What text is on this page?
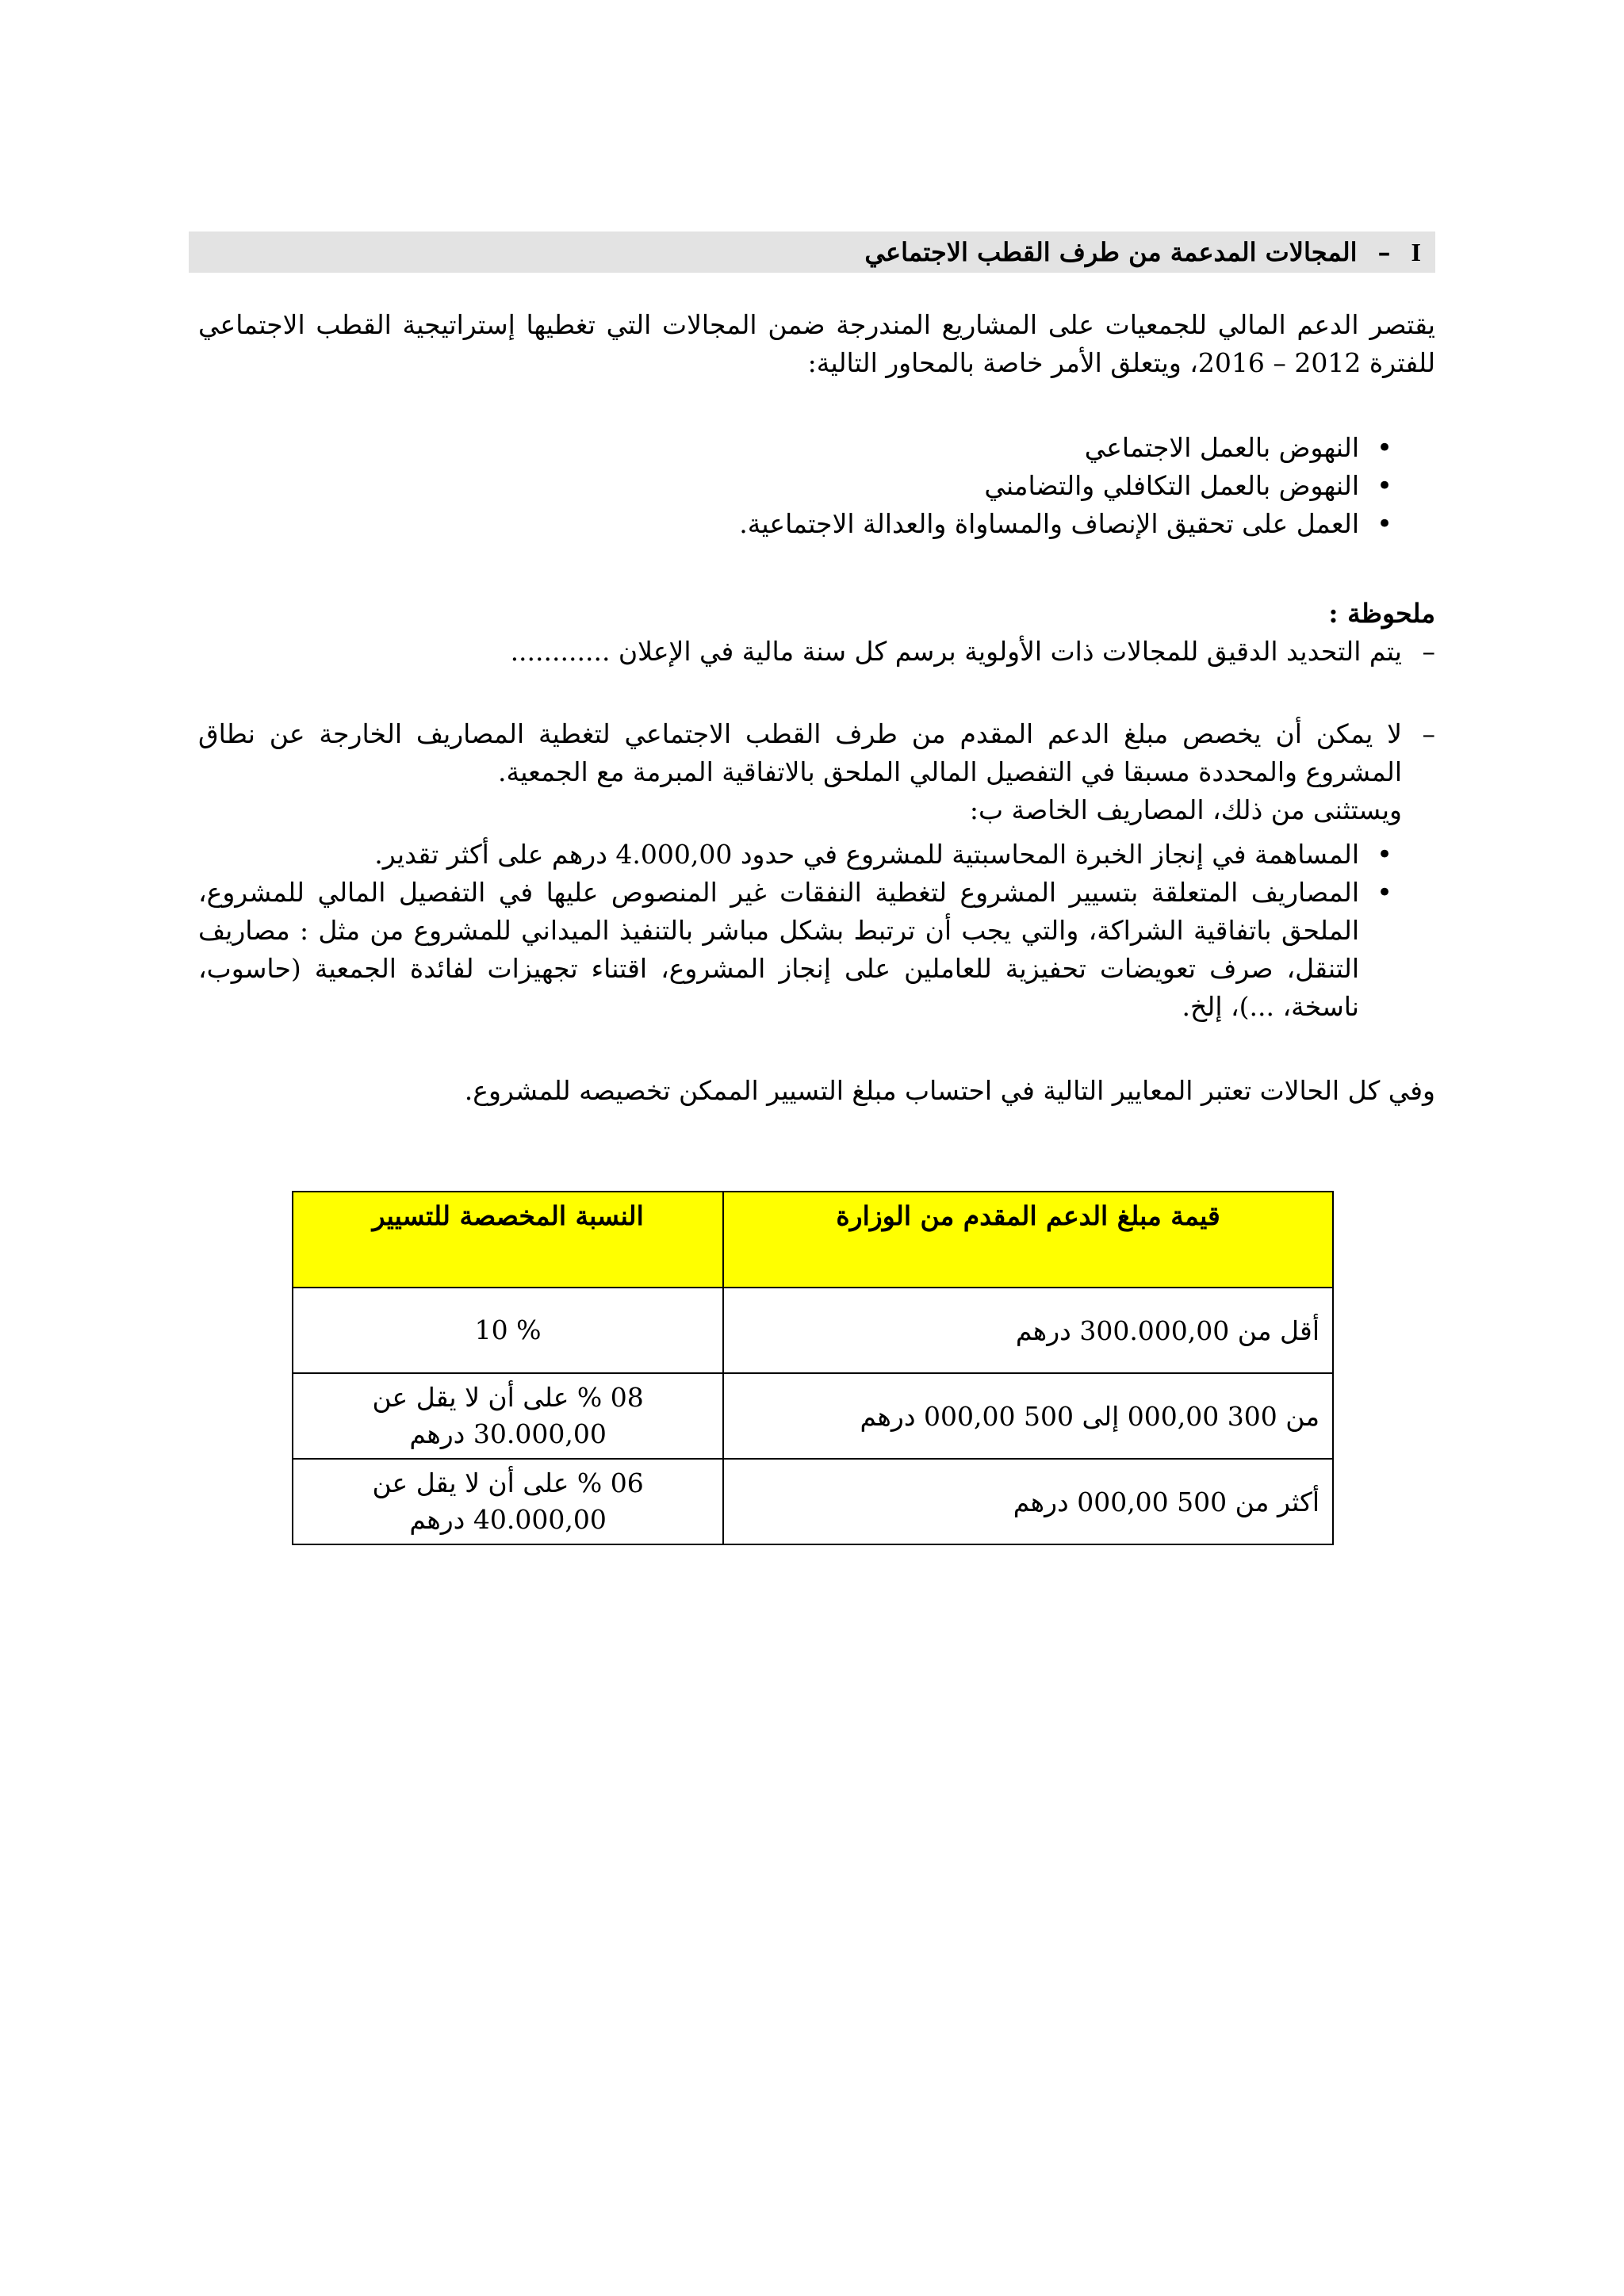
I–المجالات المدعمة من طرف القطب الاجتماعي
يقتصر الدعم المالي للجمعيات على المشاريع المندرجة ضمن المجالات التي تغطيها إستراتيجية القطب الاجتماعي للفترة 2012 – 2016، ويتعلق الأمر خاصة بالمحاور التالية:
• النهوض بالعمل الاجتماعي
• النهوض بالعمل التكافلي والتضامني
• العمل على تحقيق الإنصاف والمساواة والعدالة الاجتماعية.
ملحوظة :
–
يتم التحديد الدقيق للمجالات ذات الأولوية برسم كل سنة مالية في الإعلان ............
–
لا يمكن أن يخصص مبلغ الدعم المقدم من طرف القطب الاجتماعي لتغطية المصاريف الخارجة عن نطاق المشروع والمحددة مسبقا في التفصيل المالي الملحق بالاتفاقية المبرمة مع الجمعية.
ويستثنى من ذلك، المصاريف الخاصة ب:
• المساهمة في إنجاز الخبرة المحاسبتية للمشروع في حدود 4.000,00 درهم على أكثر تقدير.
• المصاريف المتعلقة بتسيير المشروع لتغطية النفقات غير المنصوص عليها في التفصيل المالي للمشروع، الملحق باتفاقية الشراكة، والتي يجب أن ترتبط بشكل مباشر بالتنفيذ الميداني للمشروع من مثل : مصاريف التنقل، صرف تعويضات تحفيزية للعاملين على إنجاز المشروع، اقتناء تجهيزات لفائدة الجمعية (حاسوب، ناسخة، ...)، إلخ.
وفي كل الحالات تعتبر المعايير التالية في احتساب مبلغ التسيير الممكن تخصيصه للمشروع.
قيمة مبلغ الدعم المقدم من الوزارة	النسبة المخصصة للتسيير
أقل من 300.000,00 درهم	% 10

من 300 000,00 إلى 500 000,00 درهم	08 % على أن لا يقل عن
30.000,00 درهم

أكثر من 500 000,00 درهم	06 % على أن لا يقل عن
40.000,00 درهم
